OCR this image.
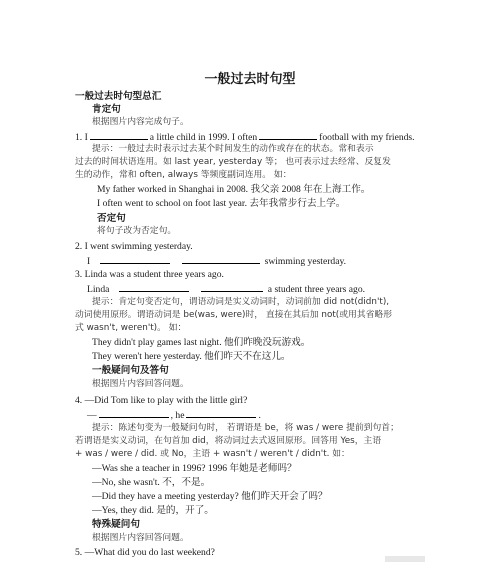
一般过去时句型
一般过去时句型总汇
肯定句
根据图片内容完成句子。
1. I	a little child in 1999. I often	football with my friends.
提示：一般过去时表示过去某个时间发生的动作或存在的状态。常和表示
过去的时间状语连用。如 last year, yesterday 等； 也可表示过去经常、反复发
生的动作，常和 often, always 等频度副词连用。 如：
My father worked in Shanghai in 2008. 我父亲 2008 年在上海工作。
I often went to school on foot last year. 去年我常步行去上学。
否定句
将句子改为否定句。
2. I went swimming yesterday.
I	swimming yesterday.
3. Linda was a student three years ago.
Linda	a student three years ago.
提示：肯定句变否定句，谓语动词是实义动词时，动词前加 did not(didn't),
动词使用原形。谓语动词是 be(was, were)时， 直接在其后加 not(或用其省略形
式 wasn't, weren't)。 如：
They didn't play games last night. 他们昨晚没玩游戏。
They weren't here yesterday. 他们昨天不在这儿。
一般疑问句及答句
根据图片内容回答问题。
4. —Did Tom like to play with the little girl?
—	, he	.
提示：陈述句变为一般疑问句时， 若谓语是 be，将 was / were 提前到句首；
若谓语是实义动词，在句首加 did，将动词过去式返回原形。回答用 Yes，主语
+ was / were / did. 或 No，主语 + wasn't / weren't / didn't. 如：
—Was she a teacher in 1996? 1996 年她是老师吗？
—No, she wasn't. 不，不是。
—Did they have a meeting yesterday? 他们昨天开会了吗？
—Yes, they did. 是的，开了。
特殊疑问句
根据图片内容回答问题。
5. —What did you do last weekend?
